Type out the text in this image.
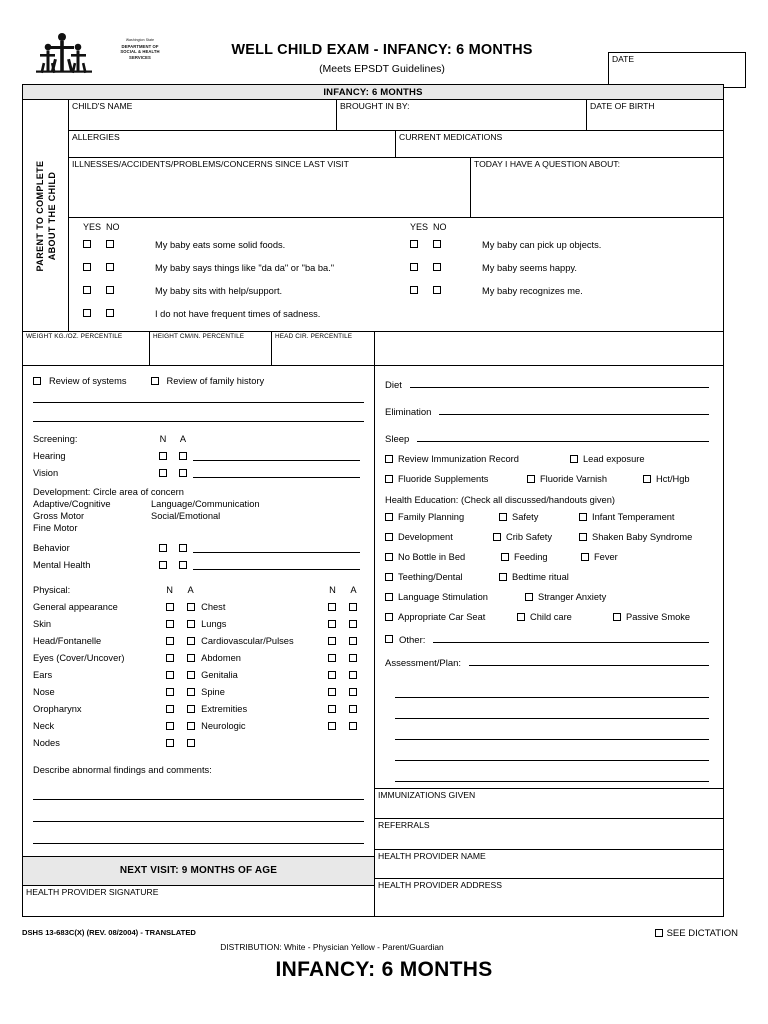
Washington State
DEPARTMENT OF
SOCIAL & HEALTH
SERVICES	WELL CHILD EXAM - INFANCY: 6 MONTHS
(Meets EPSDT Guidelines)
DATE
INFANCY: 6 MONTHS
PARENT TO COMPLETE ABOUT THE CHILD
CHILD'S NAME	BROUGHT IN BY:	DATE OF BIRTH
ALLERGIES	CURRENT MEDICATIONS
ILLNESSES/ACCIDENTS/PROBLEMS/CONCERNS SINCE LAST VISIT	TODAY I HAVE A QUESTION ABOUT:
YES NO
My baby eats some solid foods.
My baby says things like "da da" or "ba ba."
My baby sits with help/support.
I do not have frequent times of sadness.
YES NO
My baby can pick up objects.
My baby seems happy.
My baby recognizes me.
WEIGHT KG./OZ. PERCENTILE	HEIGHT CM/IN. PERCENTILE	HEAD CIR. PERCENTILE
Review of systems	Review of family history
Screening:	N	A	
Hearing			

Vision			
Development: Circle area of concern
Adaptive/Cognitive	Language/Communication
Gross Motor	Social/Emotional
Fine Motor
Behavior			

Mental Health			
Physical:	N	A		N	A
General appearance			Chest		
Skin			Lungs		
Head/Fontanelle			Cardiovascular/Pulses		
Eyes (Cover/Uncover)			Abdomen		
Ears			Genitalia		
Nose			Spine		
Oropharynx			Extremities		
Neck			Neurologic		
Nodes					
Describe abnormal findings and comments:
NEXT VISIT: 9 MONTHS OF AGE
HEALTH PROVIDER SIGNATURE
Diet
Elimination
Sleep
Review Immunization Record	Lead exposure
Fluoride Supplements	Fluoride Varnish	Hct/Hgb
Health Education: (Check all discussed/handouts given)
Family Planning	Safety	Infant Temperament
Development	Crib Safety	Shaken Baby Syndrome
No Bottle in Bed	Feeding	Fever
Teething/Dental	Bedtime ritual
Language Stimulation	Stranger Anxiety
Appropriate Car Seat	Child care	Passive Smoke
Other:
Assessment/Plan:
IMMUNIZATIONS GIVEN
REFERRALS
HEALTH PROVIDER NAME
HEALTH PROVIDER ADDRESS
DSHS 13-683C(X) (REV. 08/2004) - TRANSLATED
DISTRIBUTION: White - Physician Yellow - Parent/Guardian
SEE DICTATION
INFANCY: 6 MONTHS
